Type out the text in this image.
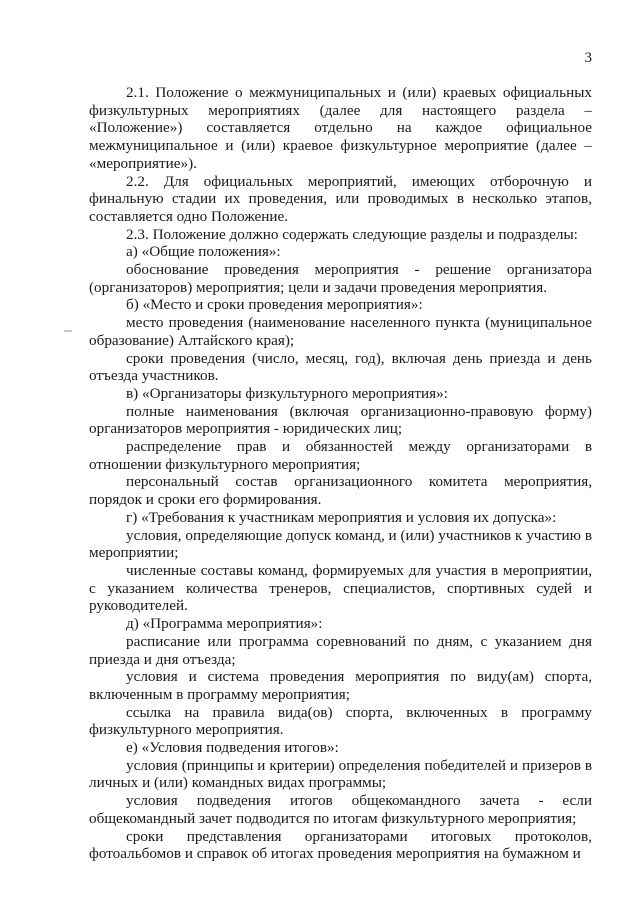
3

2.1. Положение о межмуниципальных и (или) краевых официальных физкультурных мероприятиях (далее для настоящего раздела – «Положение») составляется отдельно на каждое официальное межмуниципальное и (или) краевое физкультурное мероприятие (далее – «мероприятие»).

2.2. Для официальных мероприятий, имеющих отборочную и финальную стадии их проведения, или проводимых в несколько этапов, составляется одно Положение.

2.3. Положение должно содержать следующие разделы и подразделы:

а) «Общие положения»:

обоснование проведения мероприятия - решение организатора (организаторов) мероприятия; цели и задачи проведения мероприятия.

б) «Место и сроки проведения мероприятия»:

место проведения (наименование населенного пункта (муниципальное образование) Алтайского края);

сроки проведения (число, месяц, год), включая день приезда и день отъезда участников.

в) «Организаторы физкультурного мероприятия»:

полные наименования (включая организационно-правовую форму) организаторов мероприятия - юридических лиц;

распределение прав и обязанностей между организаторами в отношении физкультурного мероприятия;

персональный состав организационного комитета мероприятия, порядок и сроки его формирования.

г) «Требования к участникам мероприятия и условия их допуска»:

условия, определяющие допуск команд, и (или) участников к участию в мероприятии;

численные составы команд, формируемых для участия в мероприятии, с указанием количества тренеров, специалистов, спортивных судей и руководителей.

д) «Программа мероприятия»:

расписание или программа соревнований по дням, с указанием дня приезда и дня отъезда;

условия и система проведения мероприятия по виду(ам) спорта, включенным в программу мероприятия;

ссылка на правила вида(ов) спорта, включенных в программу физкультурного мероприятия.

е) «Условия подведения итогов»:

условия (принципы и критерии) определения победителей и призеров в личных и (или) командных видах программы;

условия подведения итогов общекомандного зачета - если общекомандный зачет подводится по итогам физкультурного мероприятия;

сроки представления организаторами итоговых протоколов, фотоальбомов и справок об итогах проведения мероприятия на бумажном и
